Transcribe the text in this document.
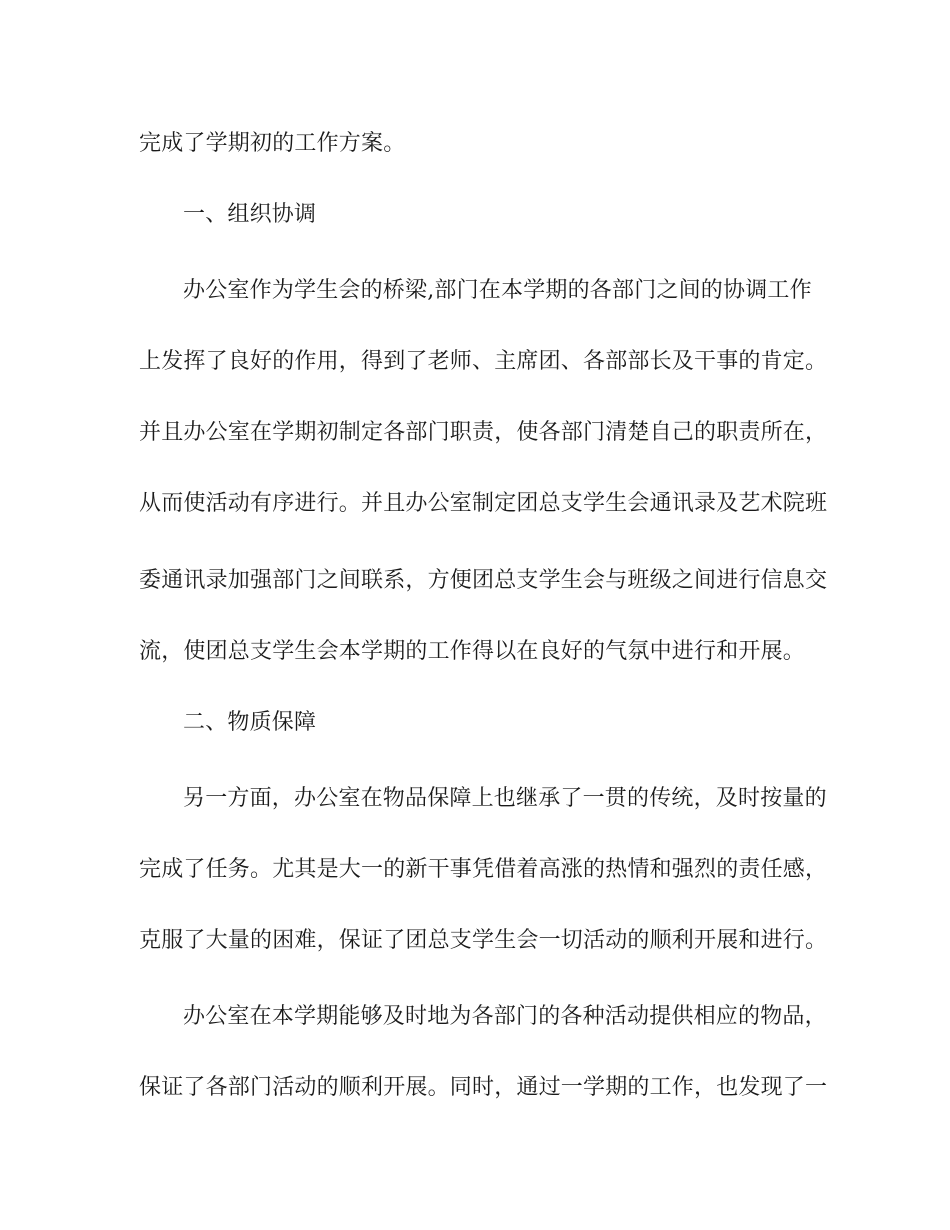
完成了学期初的工作方案。
一、组织协调
办公室作为学生会的桥梁,部门在本学期的各部门之间的协调工作
上发挥了良好的作用，得到了老师、主席团、各部部长及干事的肯定。
并且办公室在学期初制定各部门职责，使各部门清楚自己的职责所在，
从而使活动有序进行。并且办公室制定团总支学生会通讯录及艺术院班
委通讯录加强部门之间联系，方便团总支学生会与班级之间进行信息交
流，使团总支学生会本学期的工作得以在良好的气氛中进行和开展。
二、物质保障
另一方面，办公室在物品保障上也继承了一贯的传统，及时按量的
完成了任务。尤其是大一的新干事凭借着高涨的热情和强烈的责任感，
克服了大量的困难，保证了团总支学生会一切活动的顺利开展和进行。
办公室在本学期能够及时地为各部门的各种活动提供相应的物品，
保证了各部门活动的顺利开展。同时，通过一学期的工作，也发现了一
